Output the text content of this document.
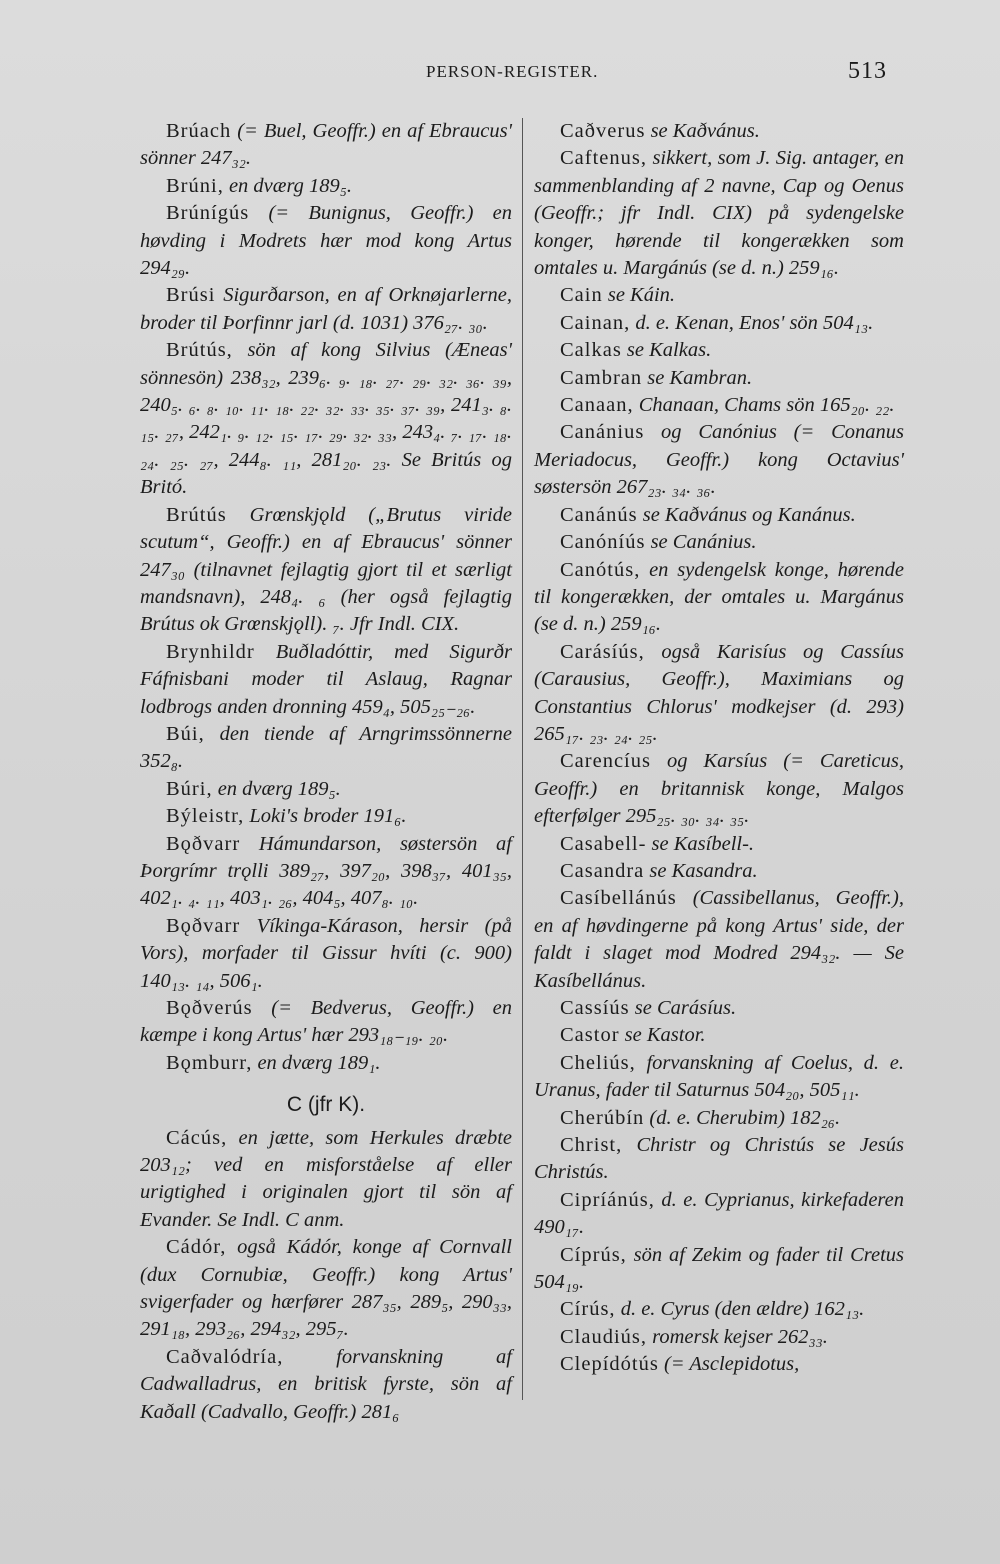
PERSON-REGISTER.	513

Brúach (= Buel, Geoffr.) en af Ebraucus' sönner 247₃₂.

Brúni, en dværg 189₅.

Brúnígús (= Bunignus, Geoffr.) en høvding i Modrets hær mod kong Artus 294₂₉.

Brúsi Sigurðarson, en af Orknøjarlerne, broder til Þorfinnr jarl (d. 1031) 376₂₇. ₃₀.

Brútús, sön af kong Silvius (Æneas' sönnesön) 238₃₂, 239₆. ₉. ₁₈. ₂₇. ₂₉. ₃₂. ₃₆. ₃₉, 240₅. ₆. ₈. ₁₀. ₁₁. ₁₈. ₂₂. ₃₂. ₃₃. ₃₅. ₃₇. ₃₉, 241₃. ₈. ₁₅. ₂₇, 242₁. ₉. ₁₂. ₁₅. ₁₇. ₂₉. ₃₂. ₃₃, 243₄. ₇. ₁₇. ₁₈. ₂₄. ₂₅. ₂₇, 244₈. ₁₁, 281₂₀. ₂₃. Se Britús og Britó.

Brútús Grœnskjǫld („Brutus viride scutum“, Geoffr.) en af Ebraucus' sönner 247₃₀ (tilnavnet fejlagtig gjort til et særligt mandsnavn), 248₄. ₆ (her også fejlagtig Brútus ok Grœnskjǫll). ₇. Jfr Indl. CIX.

Brynhildr Buðladóttir, med Sigurðr Fáfnisbani moder til Aslaug, Ragnar lodbrogs anden dronning 459₄, 505₂₅₋₂₆.

Búi, den tiende af Arngrimssönnerne 352₈.

Búri, en dværg 189₅.

Býleistr, Loki's broder 191₆.

Bǫðvarr Hámundarson, søstersön af Þorgrímr trǫlli 389₂₇, 397₂₀, 398₃₇, 401₃₅, 402₁. ₄. ₁₁, 403₁. ₂₆, 404₅, 407₈. ₁₀.

Bǫðvarr Víkinga-Kárason, hersir (på Vors), morfader til Gissur hvíti (c. 900) 140₁₃. ₁₄, 506₁.

Bǫðverús (= Bedverus, Geoffr.) en kæmpe i kong Artus' hær 293₁₈₋₁₉. ₂₀.

Bǫmburr, en dværg 189₁.

C (jfr K).

Cácús, en jætte, som Herkules dræbte 203₁₂; ved en misforståelse af eller urigtighed i originalen gjort til sön af Evander. Se Indl. C anm.

Cádór, også Kádór, konge af Cornvall (dux Cornubiæ, Geoffr.) kong Artus' svigerfader og hærfører 287₃₅, 289₅, 290₃₃, 291₁₈, 293₂₆, 294₃₂, 295₇.

Caðvalódría, forvanskning af Cadwalladrus, en britisk fyrste, sön af Kaðall (Cadvallo, Geoffr.) 281₆

Caðverus se Kaðvánus.

Caftenus, sikkert, som J. Sig. antager, en sammenblanding af 2 navne, Cap og Oenus (Geoffr.; jfr Indl. CIX) på sydengelske konger, hørende til kongerækken som omtales u. Margánús (se d. n.) 259₁₆.

Cain se Káin.

Cainan, d. e. Kenan, Enos' sön 504₁₃.

Calkas se Kalkas.

Cambran se Kambran.

Canaan, Chanaan, Chams sön 165₂₀. ₂₂.

Canánius og Canónius (= Conanus Meriadocus, Geoffr.) kong Octavius' søstersön 267₂₃. ₃₄. ₃₆.

Canánús se Kaðvánus og Kanánus.

Canóníús se Canánius.

Canótús, en sydengelsk konge, hørende til kongerækken, der omtales u. Margánus (se d. n.) 259₁₆.

Carásíús, også Karisíus og Cassíus (Carausius, Geoffr.), Maximians og Constantius Chlorus' modkejser (d. 293) 265₁₇. ₂₃. ₂₄. ₂₅.

Carencíus og Karsíus (= Careticus, Geoffr.) en britannisk konge, Malgos efterfølger 295₂₅. ₃₀. ₃₄. ₃₅.

Casabell- se Kasíbell-.

Casandra se Kasandra.

Casíbellánús (Cassibellanus, Geoffr.), en af høvdingerne på kong Artus' side, der faldt i slaget mod Modred 294₃₂. — Se Kasíbellánus.

Cassíús se Carásíus.

Castor se Kastor.

Cheliús, forvanskning af Coelus, d. e. Uranus, fader til Saturnus 504₂₀, 505₁₁.

Cherúbín (d. e. Cherubim) 182₂₆.

Christ, Christr og Christús se Jesús Christús.

Cipríánús, d. e. Cyprianus, kirkefaderen 490₁₇.

Cíprús, sön af Zekim og fader til Cretus 504₁₉.

Círús, d. e. Cyrus (den ældre) 162₁₃.

Claudiús, romersk kejser 262₃₃.

Clepídótús (= Asclepidotus,
